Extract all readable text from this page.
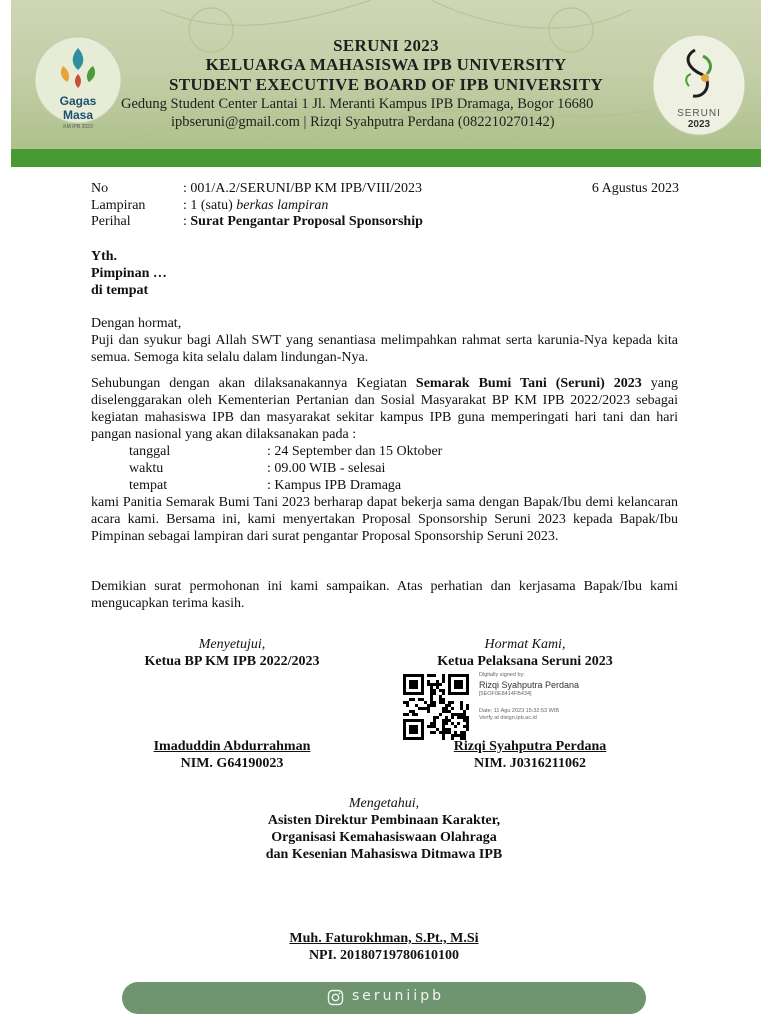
Gagas
Masa
KM IPB 2023
SERUNI 2023
KELUARGA MAHASISWA IPB UNIVERSITY
STUDENT EXECUTIVE BOARD OF IPB UNIVERSITY
Gedung Student Center Lantai 1 Jl. Meranti Kampus IPB Dramaga, Bogor 16680
ipbseruni@gmail.com | Rizqi Syahputra Perdana (082210270142)
SERUNI
2023
No	: 001/A.2/SERUNI/BP KM IPB/VIII/2023
Lampiran	: 1 (satu) berkas lampiran
Perihal	: Surat Pengantar Proposal Sponsorship
6 Agustus 2023
Yth.
Pimpinan …
di tempat
Dengan hormat,
Puji dan syukur bagi Allah SWT yang senantiasa melimpahkan rahmat serta karunia-Nya kepada kita semua. Semoga kita selalu dalam lindungan-Nya.
Sehubungan dengan akan dilaksanakannya Kegiatan Semarak Bumi Tani (Seruni) 2023 yang diselenggarakan oleh Kementerian Pertanian dan Sosial Masyarakat BP KM IPB 2022/2023 sebagai kegiatan mahasiswa IPB dan masyarakat sekitar kampus IPB guna memperingati hari tani dan hari pangan nasional yang akan dilaksanakan pada :
tanggal	: 24 September dan 15 Oktober
waktu	: 09.00 WIB - selesai
tempat	: Kampus IPB Dramaga
kami Panitia Semarak Bumi Tani 2023 berharap dapat bekerja sama dengan Bapak/Ibu demi kelancaran acara kami. Bersama ini, kami menyertakan Proposal Sponsorship Seruni 2023 kepada Bapak/Ibu Pimpinan sebagai lampiran dari surat pengantar Proposal Sponsorship Seruni 2023.
Demikian surat permohonan ini kami sampaikan. Atas perhatian dan kerjasama Bapak/Ibu kami mengucapkan terima kasih.
Menyetujui,
Ketua BP KM IPB 2022/2023
Hormat Kami,
Ketua Pelaksana Seruni 2023
Digitally signed by:
Rizqi Syahputra Perdana
[5EOF0E8414FB434]
Date: 11 Agu 2023 15:32:53 WIB
Verify at disign.ipb.ac.id
Imaduddin Abdurrahman
NIM. G64190023
Rizqi Syahputra Perdana
NIM. J0316211062
Mengetahui,
Asisten Direktur Pembinaan Karakter,
Organisasi Kemahasiswaan Olahraga
dan Kesenian Mahasiswa Ditmawa IPB
Muh. Faturokhman, S.Pt., M.Si
NPI. 201807197806101​00
seruniipb
